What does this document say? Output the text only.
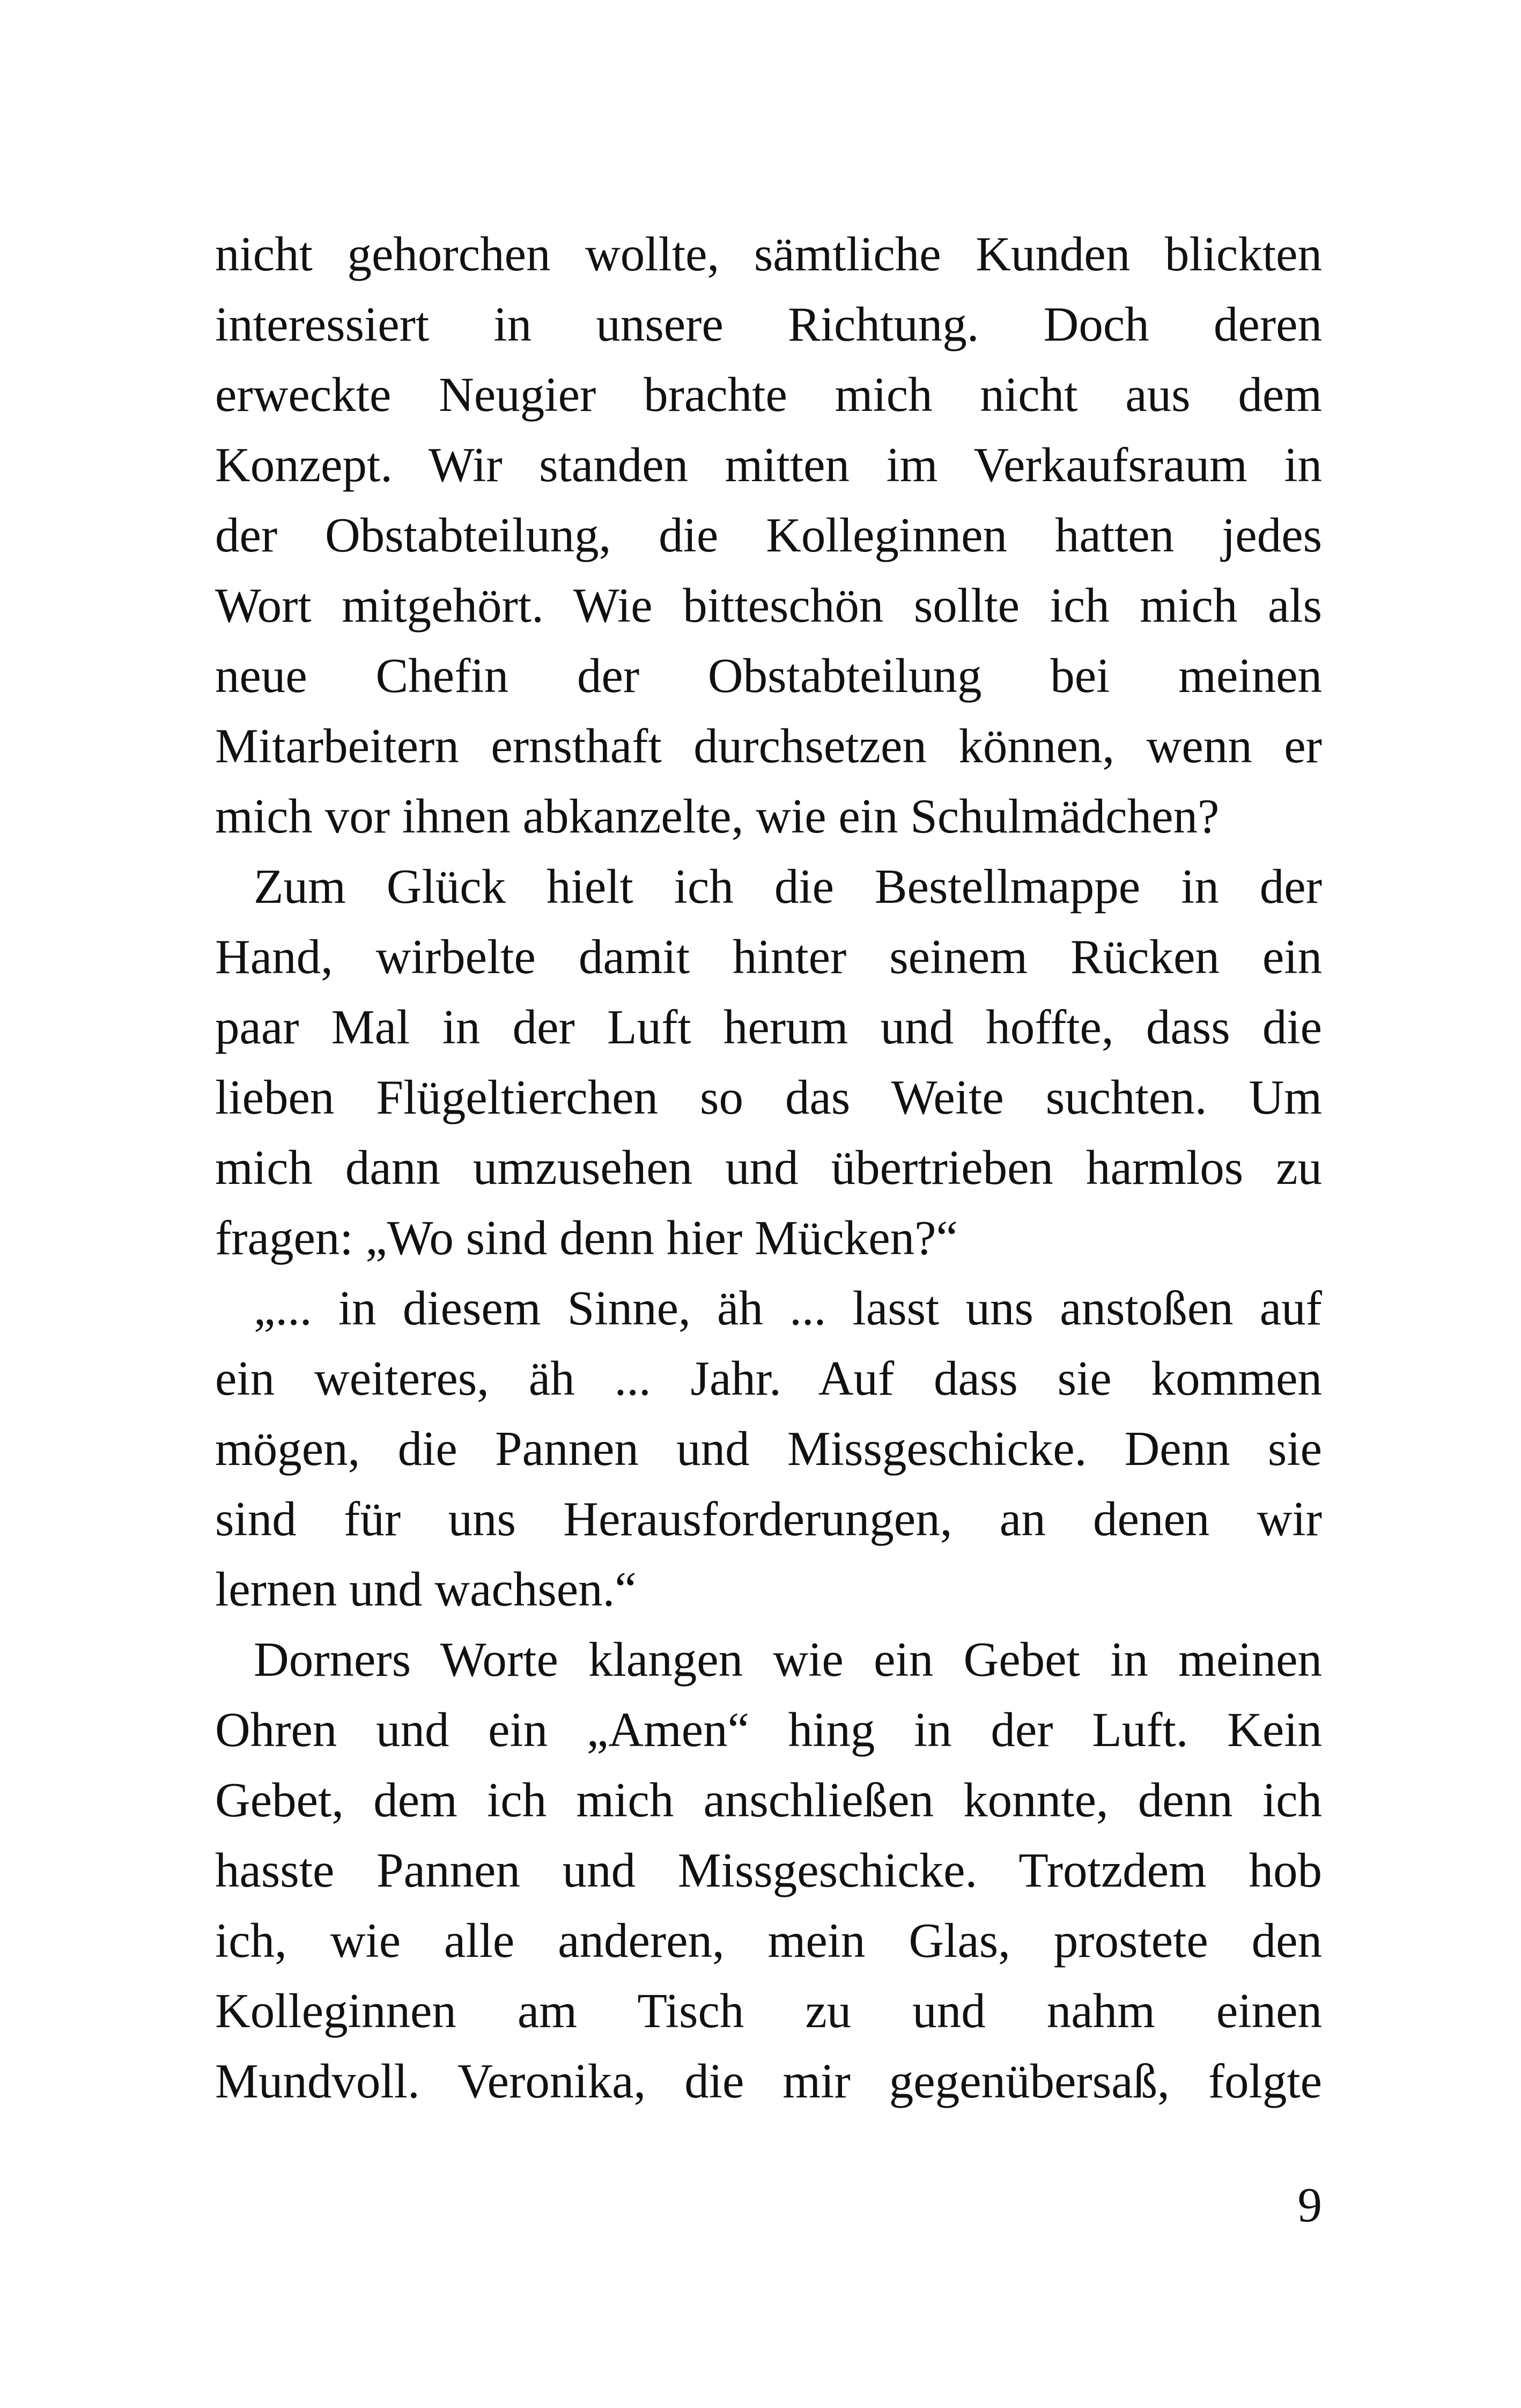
nicht gehorchen wollte, sämtliche Kunden blickten
interessiert in unsere Richtung. Doch deren
erweckte Neugier brachte mich nicht aus dem
Konzept. Wir standen mitten im Verkaufsraum in
der Obstabteilung, die Kolleginnen hatten jedes
Wort mitgehört. Wie bitteschön sollte ich mich als
neue Chefin der Obstabteilung bei meinen
Mitarbeitern ernsthaft durchsetzen können, wenn er
mich vor ihnen abkanzelte, wie ein Schulmädchen?
Zum Glück hielt ich die Bestellmappe in der
Hand, wirbelte damit hinter seinem Rücken ein
paar Mal in der Luft herum und hoffte, dass die
lieben Flügeltierchen so das Weite suchten. Um
mich dann umzusehen und übertrieben harmlos zu
fragen: „Wo sind denn hier Mücken?“
„... in diesem Sinne, äh ... lasst uns anstoßen auf
ein weiteres, äh ... Jahr. Auf dass sie kommen
mögen, die Pannen und Missgeschicke. Denn sie
sind für uns Herausforderungen, an denen wir
lernen und wachsen.“
Dorners Worte klangen wie ein Gebet in meinen
Ohren und ein „Amen“ hing in der Luft. Kein
Gebet, dem ich mich anschließen konnte, denn ich
hasste Pannen und Missgeschicke. Trotzdem hob
ich, wie alle anderen, mein Glas, prostete den
Kolleginnen am Tisch zu und nahm einen
Mundvoll. Veronika, die mir gegenübersaß, folgte
9
